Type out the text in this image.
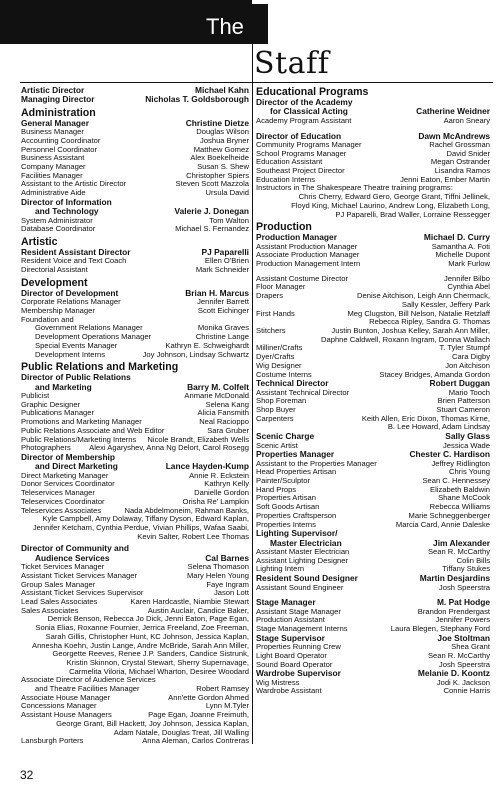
The
Staff
Artistic Director	Michael Kahn
Managing Director	Nicholas T. Goldsborough
Administration
General Manager	Christine Dietze
Business Manager	Douglas Wilson
Accounting Coordinator	Joshua Bryner
Personnel Coordinator	Matthew Gomez
Business Assistant	Alex Boekelheide
Company Manager	Susan S. Shew
Facilities Manager	Christopher Spiers
Assistant to the Artistic Director	Steven Scott Mazzola
Administrative Aide	Ursula David
Director of Information
and Technology	Valerie J. Donegan
System Administrator	Tom Walton
Database Coordinator	Michael S. Fernandez
Artistic
Resident Assistant Director	PJ Paparelli
Resident Voice and Text Coach	Ellen O'Brien
Directorial Assistant	Mark Schneider
Development
Director of Development	Brian H. Marcus
Corporate Relations Manager	Jennifer Barrett
Membership Manager	Scott Eichinger
Foundation and
Government Relations Manager	Monika Graves
Development Operations Manager	Christine Lange
Special Events Manager	Kathryn E. Schweighardt
Development Interns	Joy Johnson, Lindsay Schwartz
Public Relations and Marketing
Director of Public Relations
and Marketing	Barry M. Colfelt
Publicist	Anmarie McDonald
Graphic Designer	Selena Kang
Publications Manager	Alicia Fansmith
Promotions and Marketing Manager	Neal Racioppo
Public Relations Associate and Web Editor	Sara Gruber
Public Relations/Marketing Interns Nicole Brandt, Elizabeth Wells
Photographers Alexi Agaryshev, Anna Ng Delort, Carol Rosegg
Director of Membership
and Direct Marketing	Lance Hayden-Kump
Direct Marketing Manager	Annie R. Eckstein
Donor Services Coordinator	Kathryn Kelly
Teleservices Manager	Danielle Gordon
Teleservices Coordinator	Orisha Re' Lampkin
Teleservices Associates	Nada Abdelmoneim, Rahman Banks,
Kyle Campbell, Amy Dolaway, Tiffany Dyson, Edward Kaplan,
Jennifer Ketcham, Cynthia Perdue, Vivian Phillips, Wafaa Saabi,
Kevin Salter, Robert Lee Thomas
Director of Community and
Audience Services	Cal Barnes
Ticket Services Manager	Selena Thomason
Assistant Ticket Services Manager	Mary Helen Young
Group Sales Manager	Faye Ingram
Assistant Ticket Services Supervisor	Jason Lott
Lead Sales Associates	Karen Hardcastle, Niambie Stewart
Sales Associates	Austin Auclair, Candice Baker,
Derrick Benson, Rebecca Jo Dick, Jenni Eaton, Page Egan,
Sonia Elias, Roxanne Fournier, Jerrica Freeland, Zoe Freeman,
Sarah Gillis, Christopher Hunt, KC Johnson, Jessica Kaplan,
Annesha Koehn, Justin Lange, Andre McBride, Sarah Ann Miller,
Georgette Reeves, Renee J.P. Sanders, Candice Sistrunk,
Kristin Skinnon, Crystal Stewart, Sherry Supernavage,
Carmelita Viloria, Michael Wharton, Desiree Woodard
Associate Director of Audience Services
and Theatre Facilities Manager	Robert Ramsey
Associate House Manager	Ann'ette Gordon Ahmed
Concessions Manager	Lynn M.Tyler
Assistant House Managers	Page Egan, Joanne Freimuth,
George Grant, Bill Hackett, Joy Johnson, Jessica Kaplan,
Adam Natale, Douglas Treat, Jill Walling
Lansburgh Porters	Anna Aleman, Carlos Contreras
Educational Programs
Director of the Academy
for Classical Acting	Catherine Weidner
Academy Program Assistant	Aaron Sneary
Director of Education	Dawn McAndrews
Community Programs Manager	Rachel Grossman
School Programs Manager	David Snider
Education Assistant	Megan Ostrander
Southeast Project Director	Lisandra Ramos
Education Interns	Jenni Eaton, Ember Martin
Instructors in The Shakespeare Theatre training programs:
Chris Cherry, Edward Gero, George Grant, Tiffni Jellinek,
Floyd King, Michael Laurino, Andrew Long, Elizabeth Long,
PJ Paparelli, Brad Waller, Lorraine Ressegger
Production
Production Manager	Michael D. Curry
Assistant Production Manager	Samantha A. Foti
Associate Production Manager	Michelle Dupont
Production Management Intern	Mark Furlow
Assistant Costume Director	Jennifer Bilbo
Floor Manager	Cynthia Abel
Drapers	Denise Aitchison, Leigh Ann Chermack,
Sally Kessler, Jeffery Park
First Hands	Meg Clugston, Bill Nelson, Natalie Retzlaff
Rebecca Ripley, Sandra G. Thomas
Stitchers	Justin Bunton, Joshua Kelley, Sarah Ann Miller,
Daphne Caldwell, Roxann Ingram, Donna Wallach
Milliner/Crafts	T. Tyler Stumpf
Dyer/Crafts	Cara Digby
Wig Designer	Jon Aitchison
Costume Interns	Stacey Bridges, Amanda Gordon
Technical Director	Robert Duggan
Assistant Technical Director	Mario Tooch
Shop Foreman	Brien Patterson
Shop Buyer	Stuart Cameron
Carpenters	Keith Allen, Eric Dixon, Thomas Kirne,
B. Lee Howard, Adam Lindsay
Scenic Charge	Sally Glass
Scenic Artist	Jessica Wade
Properties Manager	Chester C. Hardison
Assistant to the Properties Manager	Jeffrey Ridlington
Head Properties Artisan	Chris Young
Painter/Sculptor	Sean C. Hennessey
Hand Props	Elizabeth Baldwin
Properties Artisan	Shane McCook
Soft Goods Artisan	Rebecca Williams
Properties Craftsperson	Marie Schneggenberger
Properties Interns	Marcia Card, Annie Daleske
Lighting Supervisor/
Master Electrician	Jim Alexander
Assistant Master Electrician	Sean R. McCarthy
Assistant Lighting Designer	Colin Bills
Lighting Intern	Tiffany Stukes
Resident Sound Designer	Martin Desjardins
Assistant Sound Engineer	Josh Speerstra
Stage Manager	M. Pat Hodge
Assistant Stage Manager	Brandon Prendergast
Production Assistant	Jennifer Powers
Stage Management Interns	Laura Blegen, Stephany Ford
Stage Supervisor	Joe Stoltman
Properties Running Crew	Shea Grant
Light Board Operator	Sean R. McCarthy
Sound Board Operator	Josh Speerstra
Wardrobe Supervisor	Melanie D. Koontz
Wig Mistress	Jodi K. Jackson
Wardrobe Assistant	Connie Harris
32
